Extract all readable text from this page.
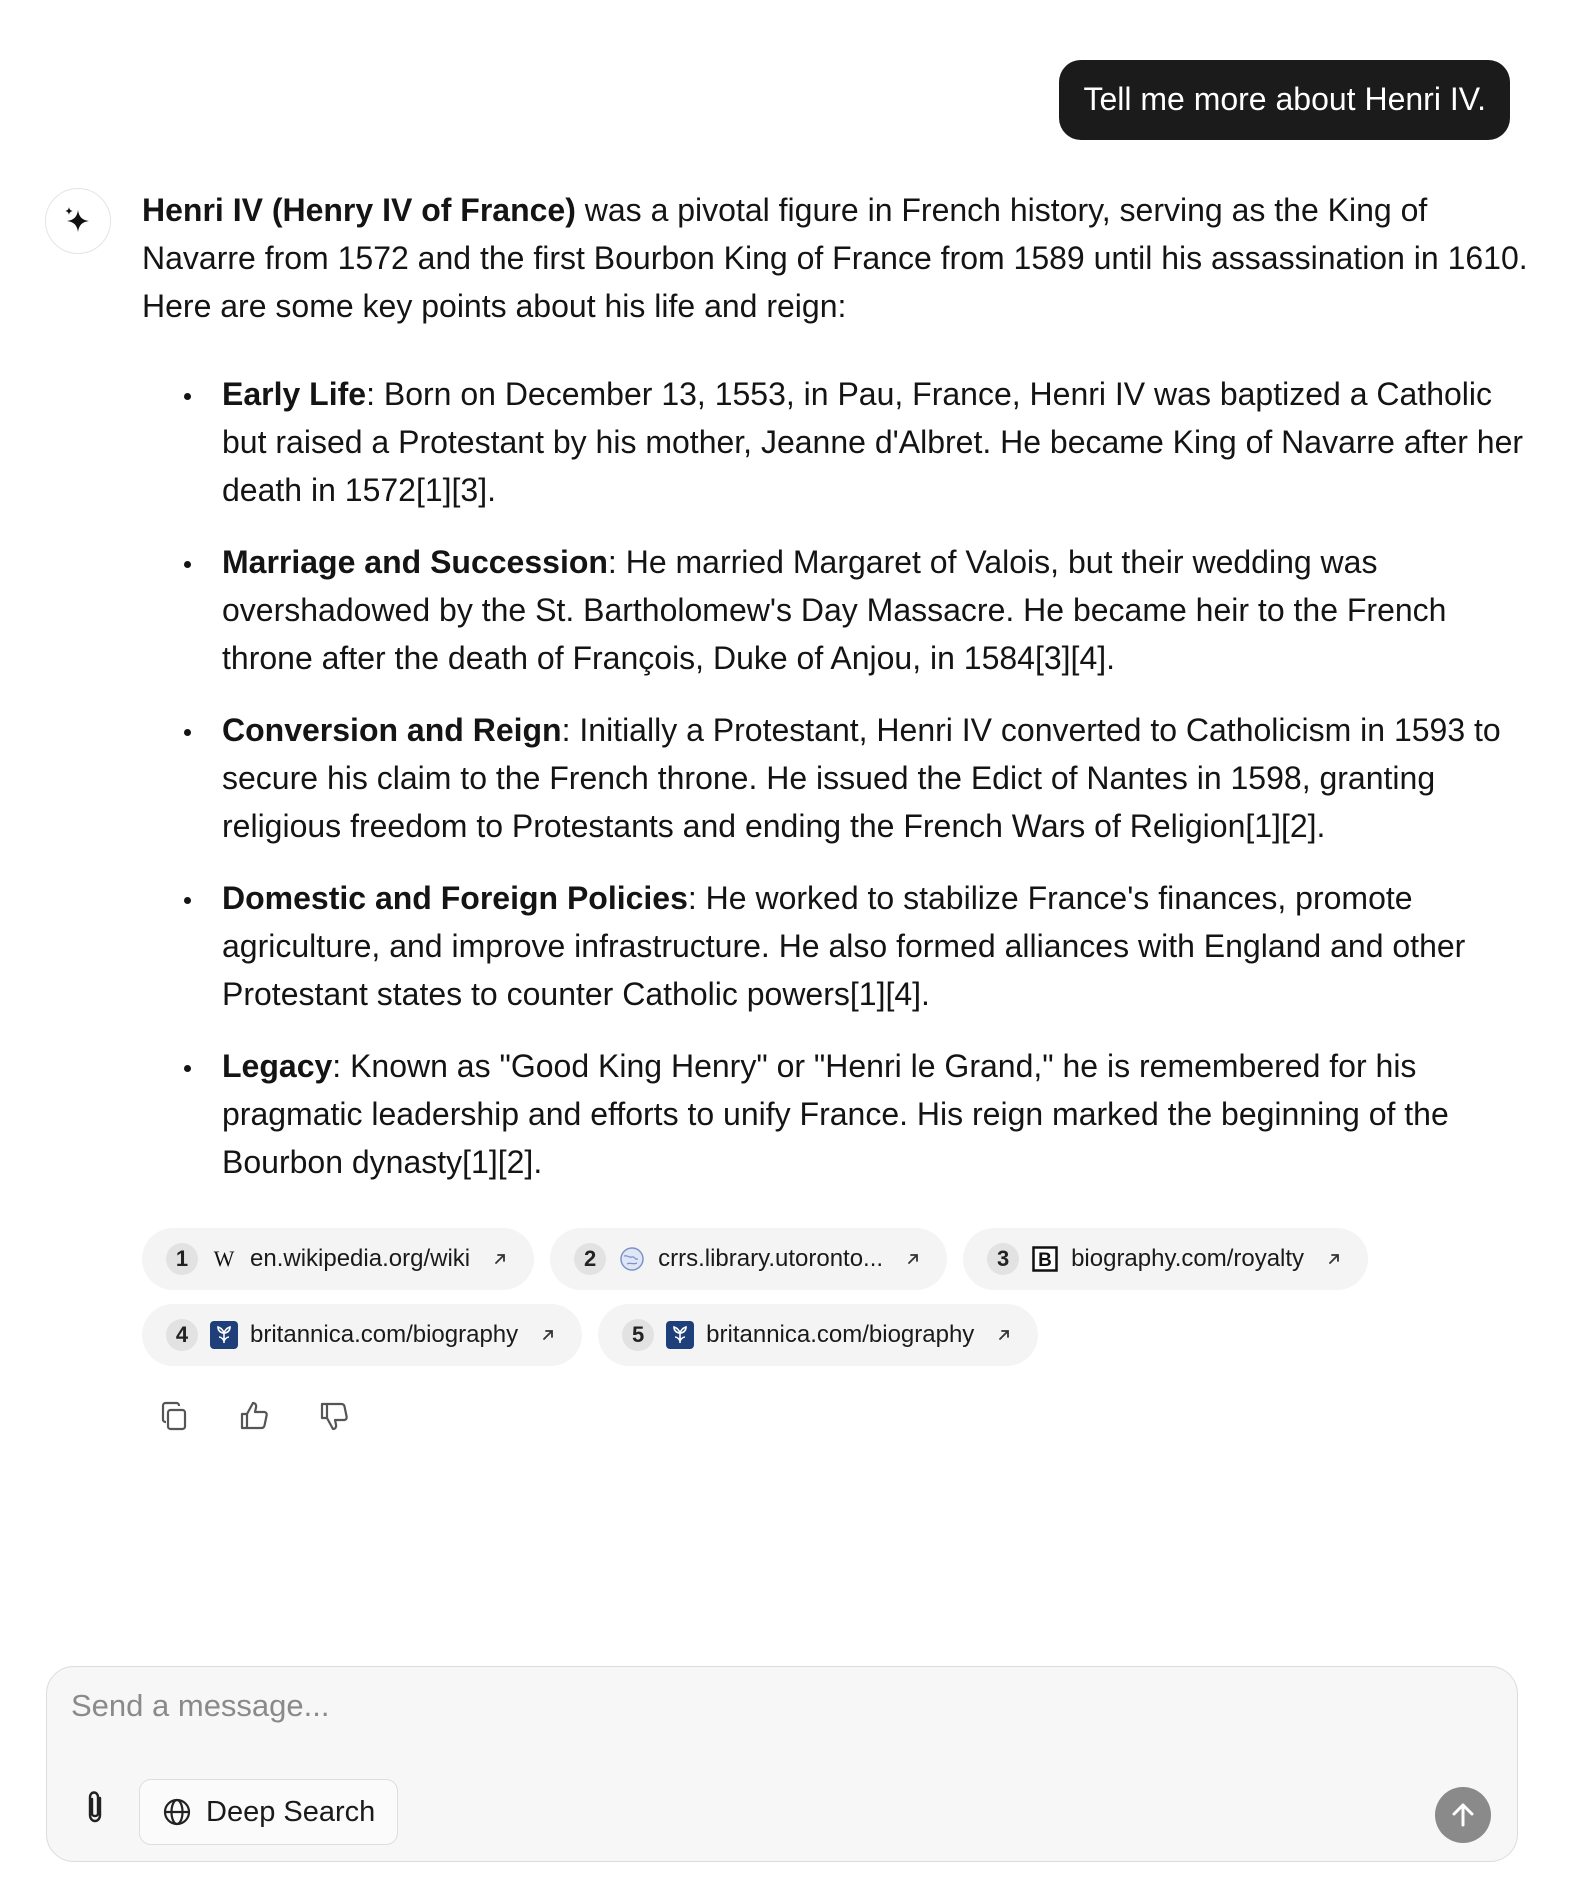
Tell me more about Henri IV.

Henri IV (Henry IV of France) was a pivotal figure in French history, serving as the King of Navarre from 1572 and the first Bourbon King of France from 1589 until his assassination in 1610. Here are some key points about his life and reign:

Early Life: Born on December 13, 1553, in Pau, France, Henri IV was baptized a Catholic but raised a Protestant by his mother, Jeanne d'Albret. He became King of Navarre after her death in 1572[1][3].
Marriage and Succession: He married Margaret of Valois, but their wedding was overshadowed by the St. Bartholomew's Day Massacre. He became heir to the French throne after the death of François, Duke of Anjou, in 1584[3][4].
Conversion and Reign: Initially a Protestant, Henri IV converted to Catholicism in 1593 to secure his claim to the French throne. He issued the Edict of Nantes in 1598, granting religious freedom to Protestants and ending the French Wars of Religion[1][2].
Domestic and Foreign Policies: He worked to stabilize France's finances, promote agriculture, and improve infrastructure. He also formed alliances with England and other Protestant states to counter Catholic powers[1][4].
Legacy: Known as "Good King Henry" or "Henri le Grand," he is remembered for his pragmatic leadership and efforts to unify France. His reign marked the beginning of the Bourbon dynasty[1][2].
1	W en.wikipedia.org/wiki	2	crrs.library.utoronto...	3	B biography.com/royalty
4	britannica.com/biography	5	britannica.com/biography
Send a message...
Deep Search
